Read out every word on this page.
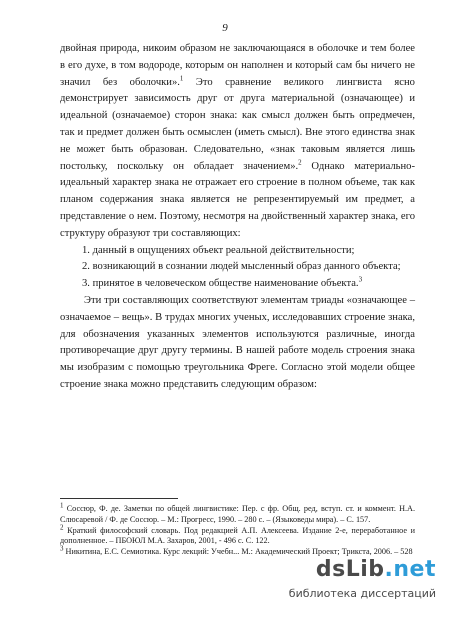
9

двойная природа, никоим образом не заключающаяся в оболочке и тем более в его духе, в том водороде, которым он наполнен и который сам бы ничего не значил без оболочки».$^1$ Это сравнение великого лингвиста ясно демонстрирует зависимость друг от друга материальной (означающее) и идеальной (означаемое) сторон знака: как смысл должен быть опредмечен, так и предмет должен быть осмыслен (иметь смысл). Вне этого единства знак не может быть образован. Следовательно, «знак таковым является лишь постольку, поскольку он обладает значением».$^2$ Однако материально-идеальный характер знака не отражает его строение в полном объеме, так как планом содержания знака является не репрезентируемый им предмет, а представление о нем. Поэтому, несмотря на двойственный характер знака, его структуру образуют три составляющих:

1. данный в ощущениях объект реальной действительности;
2. возникающий в сознании людей мысленный образ данного объекта;
3. принятое в человеческом обществе наименование объекта.$^3$

Эти три составляющих соответствуют элементам триады «означающее – означаемое – вещь». В трудах многих ученых, исследовавших строение знака, для обозначения указанных элементов используются различные, иногда противоречащие друг другу термины. В нашей работе модель строения знака мы изобразим с помощью треугольника Фреге. Согласно этой модели общее строение знака можно представить следующим образом:

$^1$ Соссюр, Ф. де. Заметки по общей лингвистике: Пер. с фр. Общ. ред, вступ. ст. и коммент. Н.А. Слюсаревой / Ф. де Соссюр. – М.: Прогресс, 1990. – 280 с. – (Языковеды мира). – С. 157.

$^2$ Краткий философский словарь. Под редакцией А.П. Алексеева. Издание 2-е, переработанное и дополненное. – ПБОЮЛ М.А. Захаров, 2001, - 496 с. С. 122.

$^3$ Никитина, Е.С. Семиотика. Курс лекций: Учебн... М.: Академический Проект; Трикста, 2006. – 528

dsLib.net
библиотека диссертаций
